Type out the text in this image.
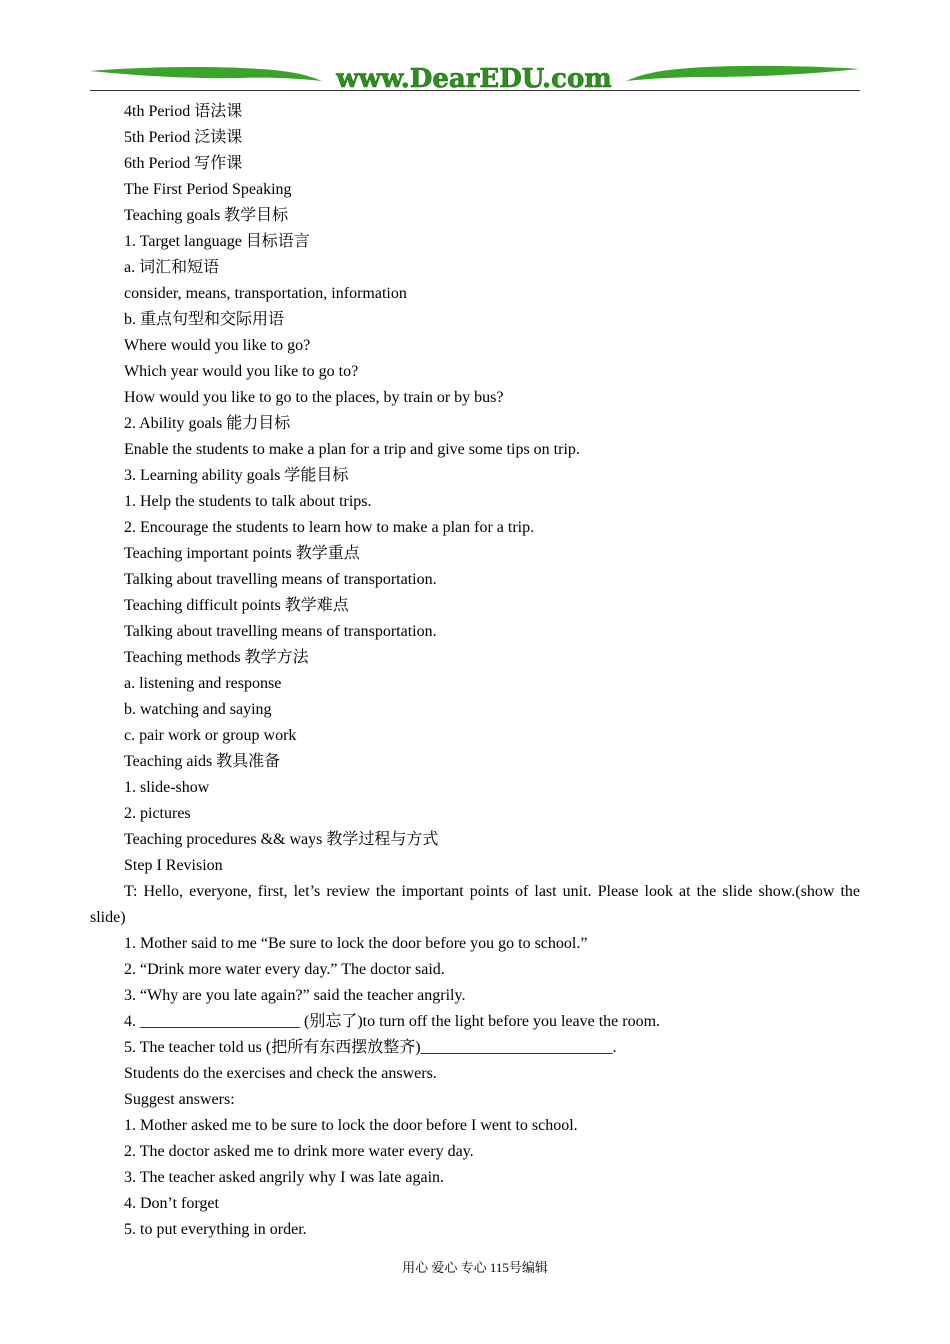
www.DearEDU.com
4th Period 语法课
5th Period 泛读课
6th Period 写作课
The First Period Speaking
Teaching goals 教学目标
1. Target language 目标语言
a. 词汇和短语
consider, means, transportation, information
b. 重点句型和交际用语
Where would you like to go?
Which year would you like to go to?
How would you like to go to the places, by train or by bus?
2. Ability goals 能力目标
Enable the students to make a plan for a trip and give some tips on trip.
3. Learning ability goals 学能目标
1. Help the students to talk about trips.
2. Encourage the students to learn how to make a plan for a trip.
Teaching important points 教学重点
Talking about travelling means of transportation.
Teaching difficult points 教学难点
Talking about travelling means of transportation.
Teaching methods 教学方法
a. listening and response
b. watching and saying
c. pair work or group work
Teaching aids 教具准备
1. slide-show
2. pictures
Teaching procedures && ways 教学过程与方式
Step I Revision
T: Hello, everyone, first, let’s review the important points of last unit. Please look at the slide show.(show the slide)
1. Mother said to me “Be sure to lock the door before you go to school.”
2. “Drink more water every day.” The doctor said.
3. “Why are you late again?” said the teacher angrily.
4. ____________________ (别忘了)to turn off the light before you leave the room.
5. The teacher told us (把所有东西摆放整齐)________________________.
Students do the exercises and check the answers.
Suggest answers:
1. Mother asked me to be sure to lock the door before I went to school.
2. The doctor asked me to drink more water every day.
3. The teacher asked angrily why I was late again.
4. Don’t forget
5. to put everything in order.
用心 爱心 专心 115号编辑
